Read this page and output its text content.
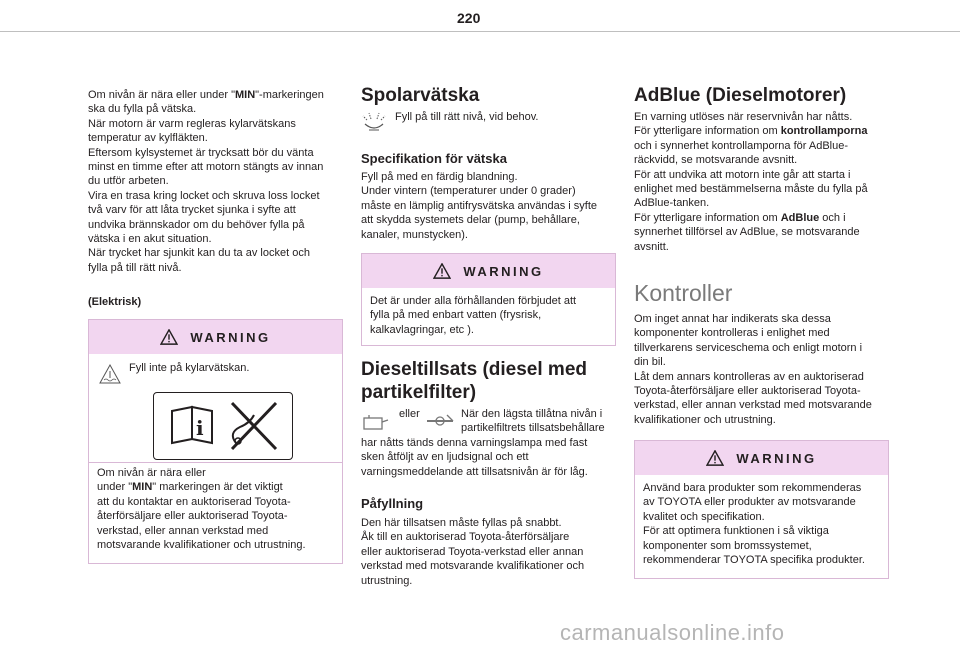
220

Om nivån är nära eller under "MIN"-markeringen

ska du fylla på vätska.

När motorn är varm regleras kylarvätskans

temperatur av kylfläkten.

Eftersom kylsystemet är trycksatt bör du vänta

minst en timme efter att motorn stängts av innan

du utför arbeten.

Vira en trasa kring locket och skruva loss locket

två varv för att låta trycket sjunka i syfte att

undvika brännskador om du behöver fylla på

vätska i en akut situation.

När trycket har sjunkit kan du ta av locket och

fylla på till rätt nivå.

(Elektrisk)

WARNING

Fyll inte på kylarvätskan.

i

Om nivån är nära eller

under "MIN" markeringen är det viktigt

att du kontaktar en auktoriserad Toyota-

återförsäljare eller auktoriserad Toyota-

verkstad, eller annan verkstad med

motsvarande kvalifikationer och utrustning.

Spolarvätska

Fyll på till rätt nivå, vid behov.

Specifikation för vätska

Fyll på med en färdig blandning.

Under vintern (temperaturer under 0 grader)

måste en lämplig antifrysvätska användas i syfte

att skydda systemets delar (pump, behållare,

kanaler, munstycken).

WARNING

Det är under alla förhållanden förbjudet att

fylla på med enbart vatten (frysrisk,

kalkavlagringar, etc ).

Dieseltillsats (diesel med
partikelfilter)

eller	När den lägsta tillåtna nivån i

partikelfiltrets tillsatsbehållare

har nåtts tänds denna varningslampa med fast

sken åtföljt av en ljudsignal och ett

varningsmeddelande att tillsatsnivån är för låg.

Påfyllning

Den här tillsatsen måste fyllas på snabbt.

Åk till en auktoriserad Toyota-återförsäljare

eller auktoriserad Toyota-verkstad eller annan

verkstad med motsvarande kvalifikationer och

utrustning.

AdBlue (Dieselmotorer)

En varning utlöses när reservnivån har nåtts.

För ytterligare information om kontrollamporna

och i synnerhet kontrollamporna för AdBlue-

räckvidd, se motsvarande avsnitt.

För att undvika att motorn inte går att starta i

enlighet med bestämmelserna måste du fylla på

AdBlue-tanken.

För ytterligare information om AdBlue och i

synnerhet tillförsel av AdBlue, se motsvarande

avsnitt.

Kontroller

Om inget annat har indikerats ska dessa

komponenter kontrolleras i enlighet med

tillverkarens serviceschema och enligt motorn i

din bil.

Låt dem annars kontrolleras av en auktoriserad

Toyota-återförsäljare eller auktoriserad Toyota-

verkstad, eller annan verkstad med motsvarande

kvalifikationer och utrustning.

WARNING

Använd bara produkter som rekommenderas

av TOYOTA eller produkter av motsvarande

kvalitet och specifikation.

För att optimera funktionen i så viktiga

komponenter som bromssystemet,

rekommenderar TOYOTA specifika produkter.

carmanualsonline.info
